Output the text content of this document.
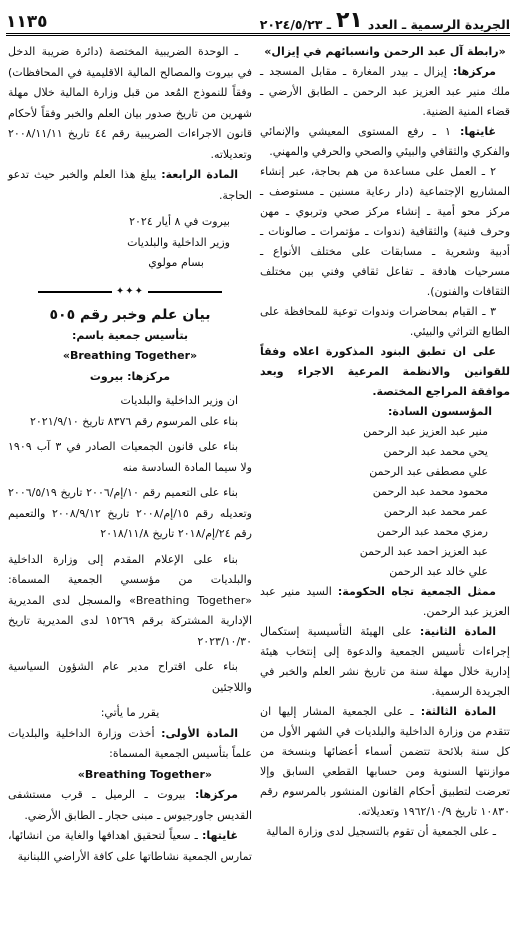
الجريدة الرسمية ـ العدد
٢١
ـ ٢٠٢٤/٥/٢٣
١١٣٥

«رابطة آل عبد الرحمن وانسبائهم في إيزال»

مركزها: إيزال ـ بيدر المغارة ـ مقابل المسجد ـ ملك منير عبد العزيز عبد الرحمن ـ الطابق الأرضي ـ قضاء المنية الضنية.

غايتها: ١ ـ رفع المستوى المعيشي والإنمائي والفكري والثقافي والبيئي والصحي والحرفي والمهني.

٢ ـ العمل على مساعدة من هم بحاجة، عبر إنشاء المشاريع الإجتماعية (دار رعاية مسنين ـ مستوصف ـ مركز محو أمية ـ إنشاء مركز صحي وتربوي ـ مهن وحرف فنية) والثقافية (ندوات ـ مؤتمرات ـ صالونات ـ أدبية وشعرية ـ مسابقات على مختلف الأنواع ـ مسرحيات هادفة ـ تفاعل ثقافي وفني بين مختلف الثقافات والفنون).

٣ ـ القيام بمحاضرات وندوات توعية للمحافظة على الطابع التراثي والبيئي.

على ان تطبق البنود المذكورة اعلاه وفقاً للقوانين والانظمة المرعية الاجراء وبعد موافقة المراجع المختصة.

المؤسسون السادة:
منير عبد العزيز عبد الرحمن
يحي محمد عبد الرحمن
علي مصطفى عبد الرحمن
محمود محمد عبد الرحمن
عمر محمد عبد الرحمن
رمزي محمد عبد الرحمن
عبد العزيز احمد عبد الرحمن
علي خالد عبد الرحمن

ممثل الجمعية تجاه الحكومة: السيد منير عبد العزيز عبد الرحمن.

المادة الثانية: على الهيئة التأسيسية إستكمال إجراءات تأسيس الجمعية والدعوة إلى إنتخاب هيئة إدارية خلال مهلة سنة من تاريخ نشر العلم والخبر في الجريدة الرسمية.

المادة الثالثة: ـ على الجمعية المشار إليها ان تتقدم من وزارة الداخلية والبلديات في الشهر الأول من كل سنة بلائحة تتضمن أسماء أعضائها وبنسخة من موازنتها السنوية ومن حسابها القطعي السابق وإلا تعرضت لتطبيق أحكام القانون المنشور بالمرسوم رقم ١٠٨٣٠ تاريخ ١٩٦٢/١٠/٩ وتعديلاته.

ـ على الجمعية أن تقوم بالتسجيل لدى وزارة المالية

ـ الوحدة الضريبية المختصة (دائرة ضريبة الدخل في بيروت والمصالح المالية الاقليمية في المحافظات) وفقاً للنموذج المُعد من قبل وزارة المالية خلال مهلة شهرين من تاريخ صدور بيان العلم والخبر وفقاً لأحكام قانون الاجراءات الضريبية رقم ٤٤ تاريخ ٢٠٠٨/١١/١١ وتعديلاته.

المادة الرابعة: يبلغ هذا العلم والخبر حيث تدعو الحاجة.

بيروت في ٨ أيار ٢٠٢٤
وزير الداخلية والبلديات
بسام مولوي
✦✦✦
بيان علم وخبر رقم ٥٠٥
بتأسيس جمعية باسم:
«Breathing Together»
مركزها: بيروت

ان وزير الداخلية والبلديات

بناء على المرسوم رقم ٨٣٧٦ تاريخ ٢٠٢١/٩/١٠

بناء على قانون الجمعيات الصادر في ٣ آب ١٩٠٩ ولا سيما المادة السادسة منه

بناء على التعميم رقم ١٠/إم/٢٠٠٦ تاريخ ٢٠٠٦/٥/١٩ وتعديله رقم ١٥/إم/٢٠٠٨ تاريخ ٢٠٠٨/٩/١٢ والتعميم رقم ٢٤/إم/٢٠١٨ تاريخ ٢٠١٨/١١/٨

بناء على الإعلام المقدم إلى وزارة الداخلية والبلديات من مؤسسي الجمعية المسماة: «Breathing Together» والمسجل لدى المديرية الإدارية المشتركة برقم ١٥٢٦٩ لدى المديرية تاريخ ٢٠٢٣/١٠/٣٠

بناء على اقتراح مدير عام الشؤون السياسية واللاجئين

يقرر ما يأتي:

المادة الأولى: أخذت وزارة الداخلية والبلديات علماً بتأسيس الجمعية المسماة:

«Breathing Together»

مركزها: بيروت ـ الرميل ـ قرب مستشفى القديس جاورجيوس ـ مبنى حجار ـ الطابق الأرضي.

غايتها: ـ سعياً لتحقيق اهدافها والغاية من انشائها، تمارس الجمعية نشاطاتها على كافة الأراضي اللبنانية
